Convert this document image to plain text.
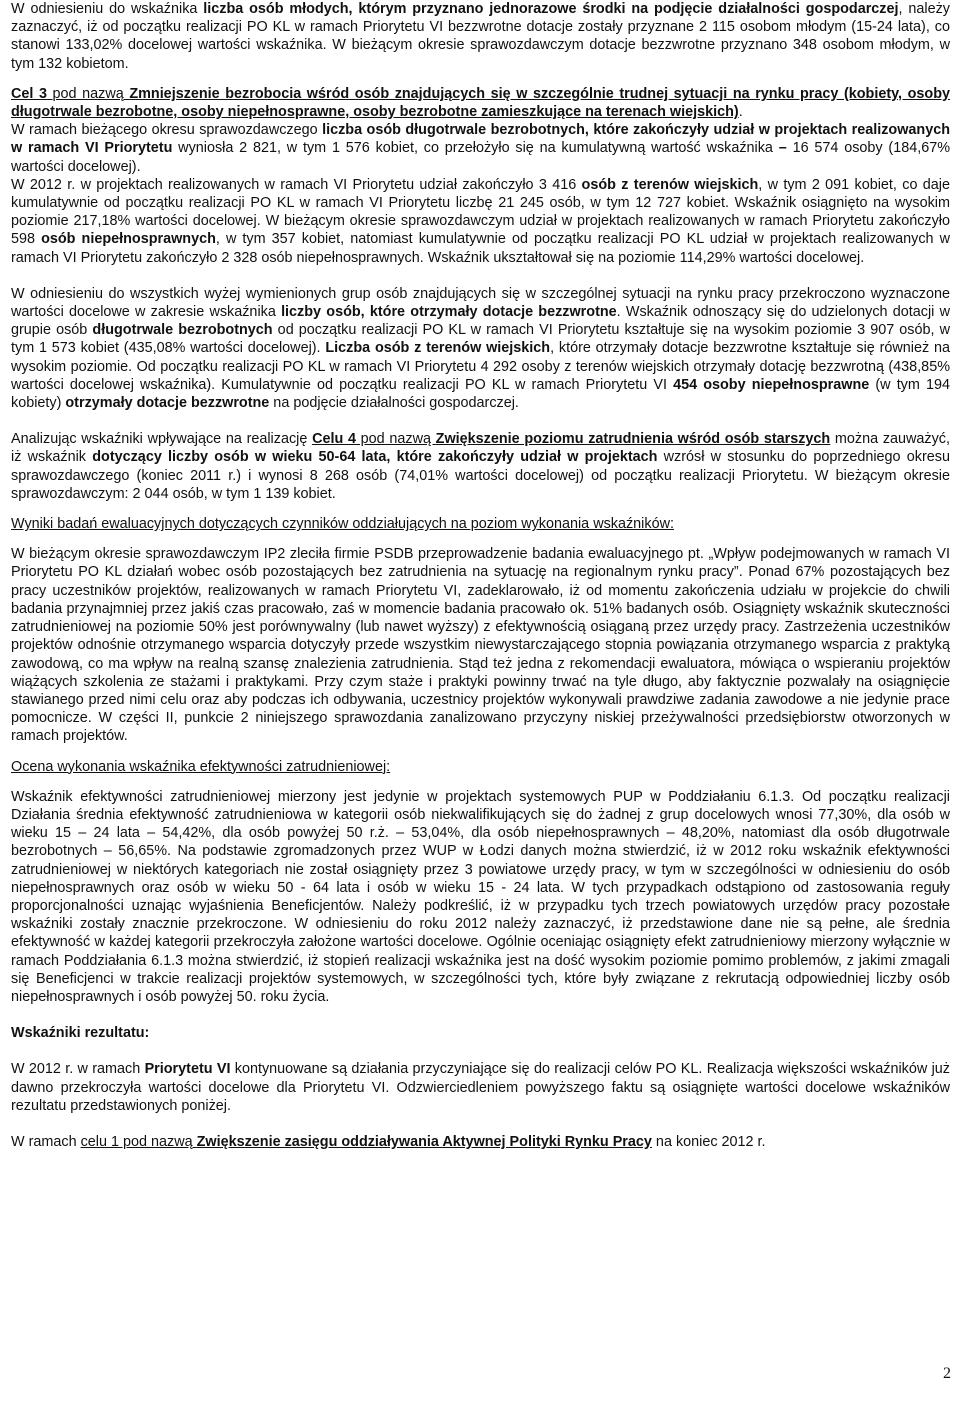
W odniesieniu do wskaźnika liczba osób młodych, którym przyznano jednorazowe środki na podjęcie działalności gospodarczej, należy zaznaczyć, iż od początku realizacji PO KL w ramach Priorytetu VI bezzwrotne dotacje zostały przyznane 2 115 osobom młodym (15-24 lata), co stanowi 133,02% docelowej wartości wskaźnika. W bieżącym okresie sprawozdawczym dotacje bezzwrotne przyznano 348 osobom młodym, w tym 132 kobietom.

Cel 3 pod nazwą Zmniejszenie bezrobocia wśród osób znajdujących się w szczególnie trudnej sytuacji na rynku pracy (kobiety, osoby długotrwale bezrobotne, osoby niepełnosprawne, osoby bezrobotne zamieszkujące na terenach wiejskich).

W ramach bieżącego okresu sprawozdawczego liczba osób długotrwale bezrobotnych, które zakończyły udział w projektach realizowanych w ramach VI Priorytetu wyniosła 2 821, w tym 1 576 kobiet, co przełożyło się na kumulatywną wartość wskaźnika – 16 574 osoby (184,67% wartości docelowej).
W 2012 r. w projektach realizowanych w ramach VI Priorytetu udział zakończyło 3 416 osób z terenów wiejskich, w tym 2 091 kobiet, co daje kumulatywnie od początku realizacji PO KL w ramach VI Priorytetu liczbę 21 245 osób, w tym 12 727 kobiet. Wskaźnik osiągnięto na wysokim poziomie 217,18% wartości docelowej. W bieżącym okresie sprawozdawczym udział w projektach realizowanych w ramach Priorytetu zakończyło 598 osób niepełnosprawnych, w tym 357 kobiet, natomiast kumulatywnie od początku realizacji PO KL udział w projektach realizowanych w ramach VI Priorytetu zakończyło 2 328 osób niepełnosprawnych. Wskaźnik ukształtował się na poziomie 114,29% wartości docelowej.

W odniesieniu do wszystkich wyżej wymienionych grup osób znajdujących się w szczególnej sytuacji na rynku pracy przekroczono wyznaczone wartości docelowe w zakresie wskaźnika liczby osób, które otrzymały dotacje bezzwrotne. Wskaźnik odnoszący się do udzielonych dotacji w grupie osób długotrwale bezrobotnych od początku realizacji PO KL w ramach VI Priorytetu kształtuje się na wysokim poziomie 3 907 osób, w tym 1 573 kobiet (435,08% wartości docelowej). Liczba osób z terenów wiejskich, które otrzymały dotacje bezzwrotne kształtuje się również na wysokim poziomie. Od początku realizacji PO KL w ramach VI Priorytetu 4 292 osoby z terenów wiejskich otrzymały dotację bezzwrotną (438,85% wartości docelowej wskaźnika). Kumulatywnie od początku realizacji PO KL w ramach Priorytetu VI 454 osoby niepełnosprawne (w tym 194 kobiety) otrzymały dotacje bezzwrotne na podjęcie działalności gospodarczej.

Analizując wskaźniki wpływające na realizację Celu 4 pod nazwą Zwiększenie poziomu zatrudnienia wśród osób starszych można zauważyć, iż wskaźnik dotyczący liczby osób w wieku 50-64 lata, które zakończyły udział w projektach wzrósł w stosunku do poprzedniego okresu sprawozdawczego (koniec 2011 r.) i wynosi 8 268 osób (74,01% wartości docelowej) od początku realizacji Priorytetu. W bieżącym okresie sprawozdawczym: 2 044 osób, w tym 1 139 kobiet.

Wyniki badań ewaluacyjnych dotyczących czynników oddziałujących na poziom wykonania wskaźników:

W bieżącym okresie sprawozdawczym IP2 zleciła firmie PSDB przeprowadzenie badania ewaluacyjnego pt. „Wpływ podejmowanych w ramach VI Priorytetu PO KL działań wobec osób pozostających bez zatrudnienia na sytuację na regionalnym rynku pracy”. Ponad 67% pozostających bez pracy uczestników projektów, realizowanych w ramach Priorytetu VI, zadeklarowało, iż od momentu zakończenia udziału w projekcie do chwili badania przynajmniej przez jakiś czas pracowało, zaś w momencie badania pracowało ok. 51% badanych osób. Osiągnięty wskaźnik skuteczności zatrudnieniowej na poziomie 50% jest porównywalny (lub nawet wyższy) z efektywnością osiąganą przez urzędy pracy. Zastrzeżenia uczestników projektów odnośnie otrzymanego wsparcia dotyczyły przede wszystkim niewystarczającego stopnia powiązania otrzymanego wsparcia z praktyką zawodową, co ma wpływ na realną szansę znalezienia zatrudnienia. Stąd też jedna z rekomendacji ewaluatora, mówiąca o wspieraniu projektów wiążących szkolenia ze stażami i praktykami. Przy czym staże i praktyki powinny trwać na tyle długo, aby faktycznie pozwalały na osiągnięcie stawianego przed nimi celu oraz aby podczas ich odbywania, uczestnicy projektów wykonywali prawdziwe zadania zawodowe a nie jedynie prace pomocnicze. W części II, punkcie 2 niniejszego sprawozdania zanalizowano przyczyny niskiej przeżywalności przedsiębiorstw otworzonych w ramach projektów.

Ocena wykonania wskaźnika efektywności zatrudnieniowej:

Wskaźnik efektywności zatrudnieniowej mierzony jest jedynie w projektach systemowych PUP w Poddziałaniu 6.1.3. Od początku realizacji Działania średnia efektywność zatrudnieniowa w kategorii osób niekwalifikujących się do żadnej z grup docelowych wnosi 77,30%, dla osób w wieku 15 – 24 lata – 54,42%, dla osób powyżej 50 r.ż. – 53,04%, dla osób niepełnosprawnych – 48,20%, natomiast dla osób długotrwale bezrobotnych – 56,65%. Na podstawie zgromadzonych przez WUP w Łodzi danych można stwierdzić, iż w 2012 roku wskaźnik efektywności zatrudnieniowej w niektórych kategoriach nie został osiągnięty przez 3 powiatowe urzędy pracy, w tym w szczególności w odniesieniu do osób niepełnosprawnych oraz osób w wieku 50 - 64 lata i osób w wieku 15 - 24 lata. W tych przypadkach odstąpiono od zastosowania reguły proporcjonalności uznając wyjaśnienia Beneficjentów. Należy podkreślić, iż w przypadku tych trzech powiatowych urzędów pracy pozostałe wskaźniki zostały znacznie przekroczone. W odniesieniu do roku 2012 należy zaznaczyć, iż przedstawione dane nie są pełne, ale średnia efektywność w każdej kategorii przekroczyła założone wartości docelowe. Ogólnie oceniając osiągnięty efekt zatrudnieniowy mierzony wyłącznie w ramach Poddziałania 6.1.3 można stwierdzić, iż stopień realizacji wskaźnika jest na dość wysokim poziomie pomimo problemów, z jakimi zmagali się Beneficjenci w trakcie realizacji projektów systemowych, w szczególności tych, które były związane z rekrutacją odpowiedniej liczby osób niepełnosprawnych i osób powyżej 50. roku życia.

Wskaźniki rezultatu:

W 2012 r. w ramach Priorytetu VI kontynuowane są działania przyczyniające się do realizacji celów PO KL. Realizacja większości wskaźników już dawno przekroczyła wartości docelowe dla Priorytetu VI. Odzwierciedleniem powyższego faktu są osiągnięte wartości docelowe wskaźników rezultatu przedstawionych poniżej.

W ramach celu 1 pod nazwą Zwiększenie zasięgu oddziaływania Aktywnej Polityki Rynku Pracy na koniec 2012 r.

2
